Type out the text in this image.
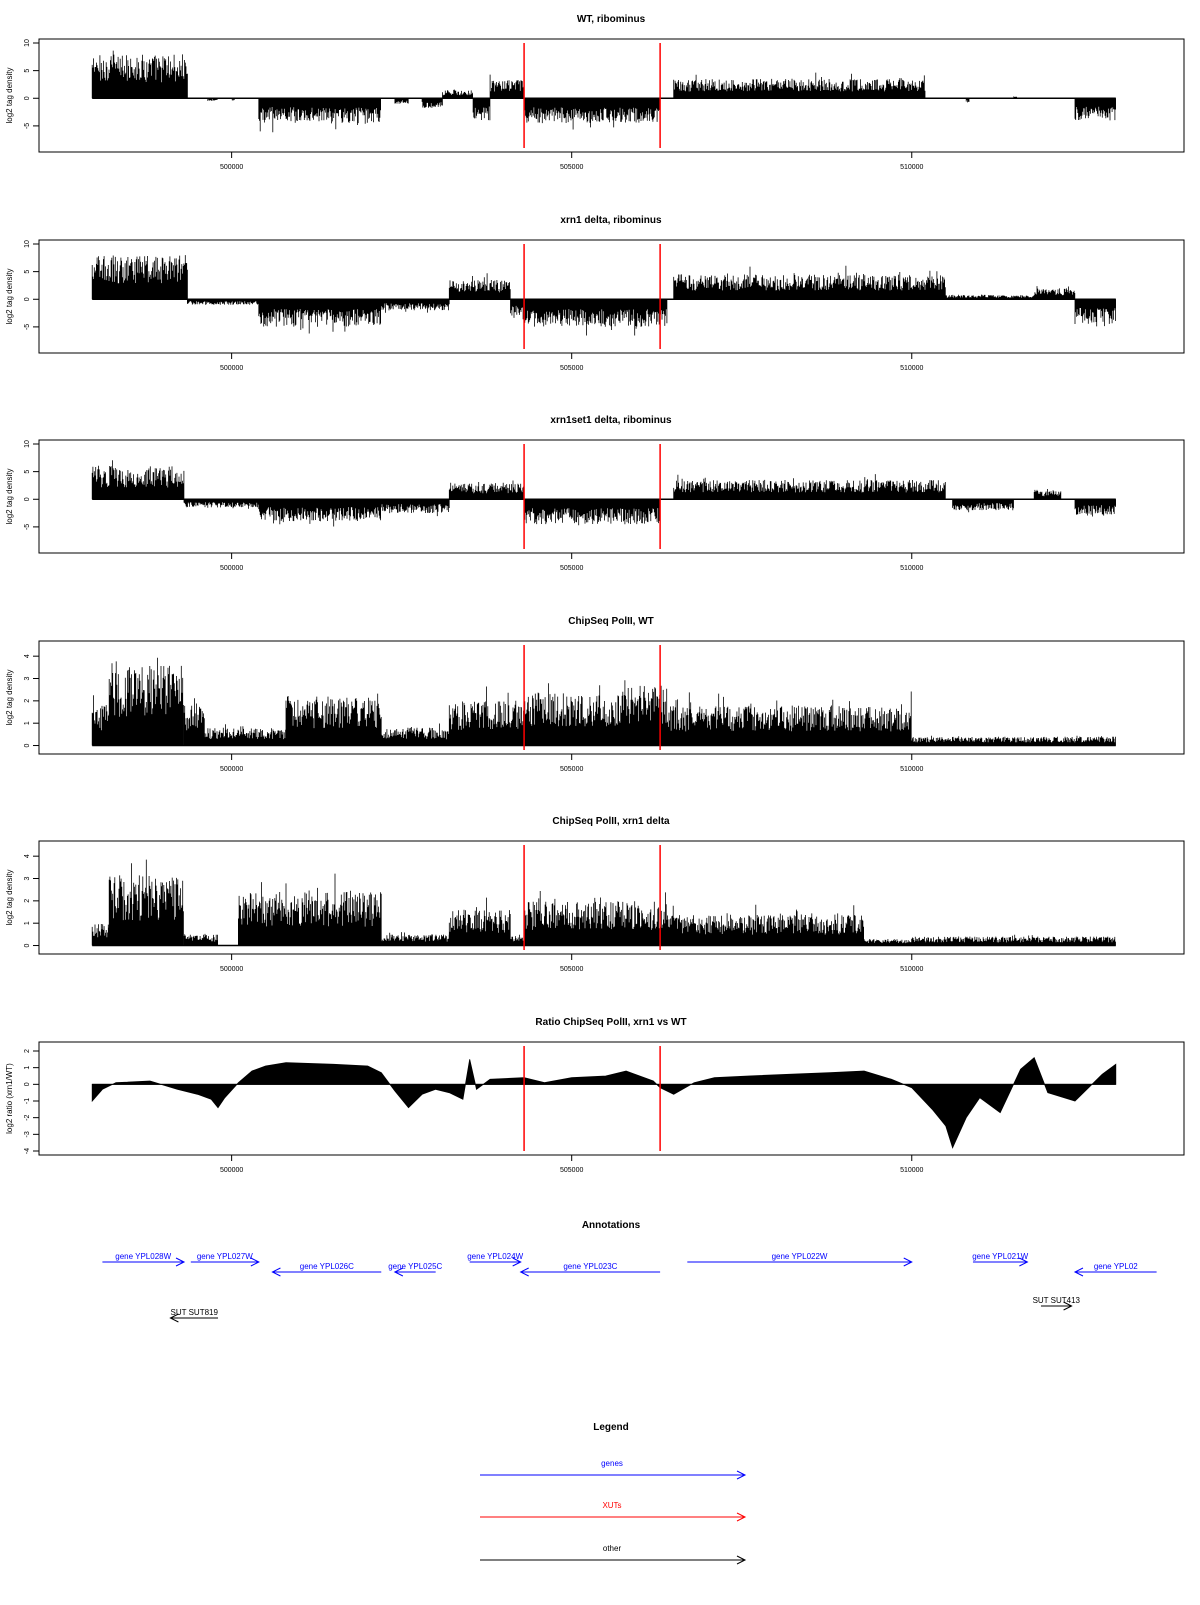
WT, ribominus
log2 tag density
-5
0
5
10
500000	505000	510000
xrn1 delta, ribominus
log2 tag density
-5
0
5
10
500000	505000	510000
xrn1set1 delta, ribominus
log2 tag density
-5
0
5
10
500000	505000	510000
ChipSeq PolII, WT
log2 tag density
0
1
2
3
4
500000	505000	510000
ChipSeq PolII, xrn1 delta
log2 tag density
0
1
2
3
4
500000	505000	510000
Ratio ChipSeq PolII, xrn1 vs WT
log2 ratio (xrn1/WT)
-4
-3
-2
-1
0
1
2
500000	505000	510000
Annotations
gene YPL028W	gene YPL027W
gene YPL026C	gene YPL025C
gene YPL024W
gene YPL023C
gene YPL022W	gene YPL021W
gene YPL02
SUT SUT819
SUT SUT413
Legend
genes
XUTs
other
